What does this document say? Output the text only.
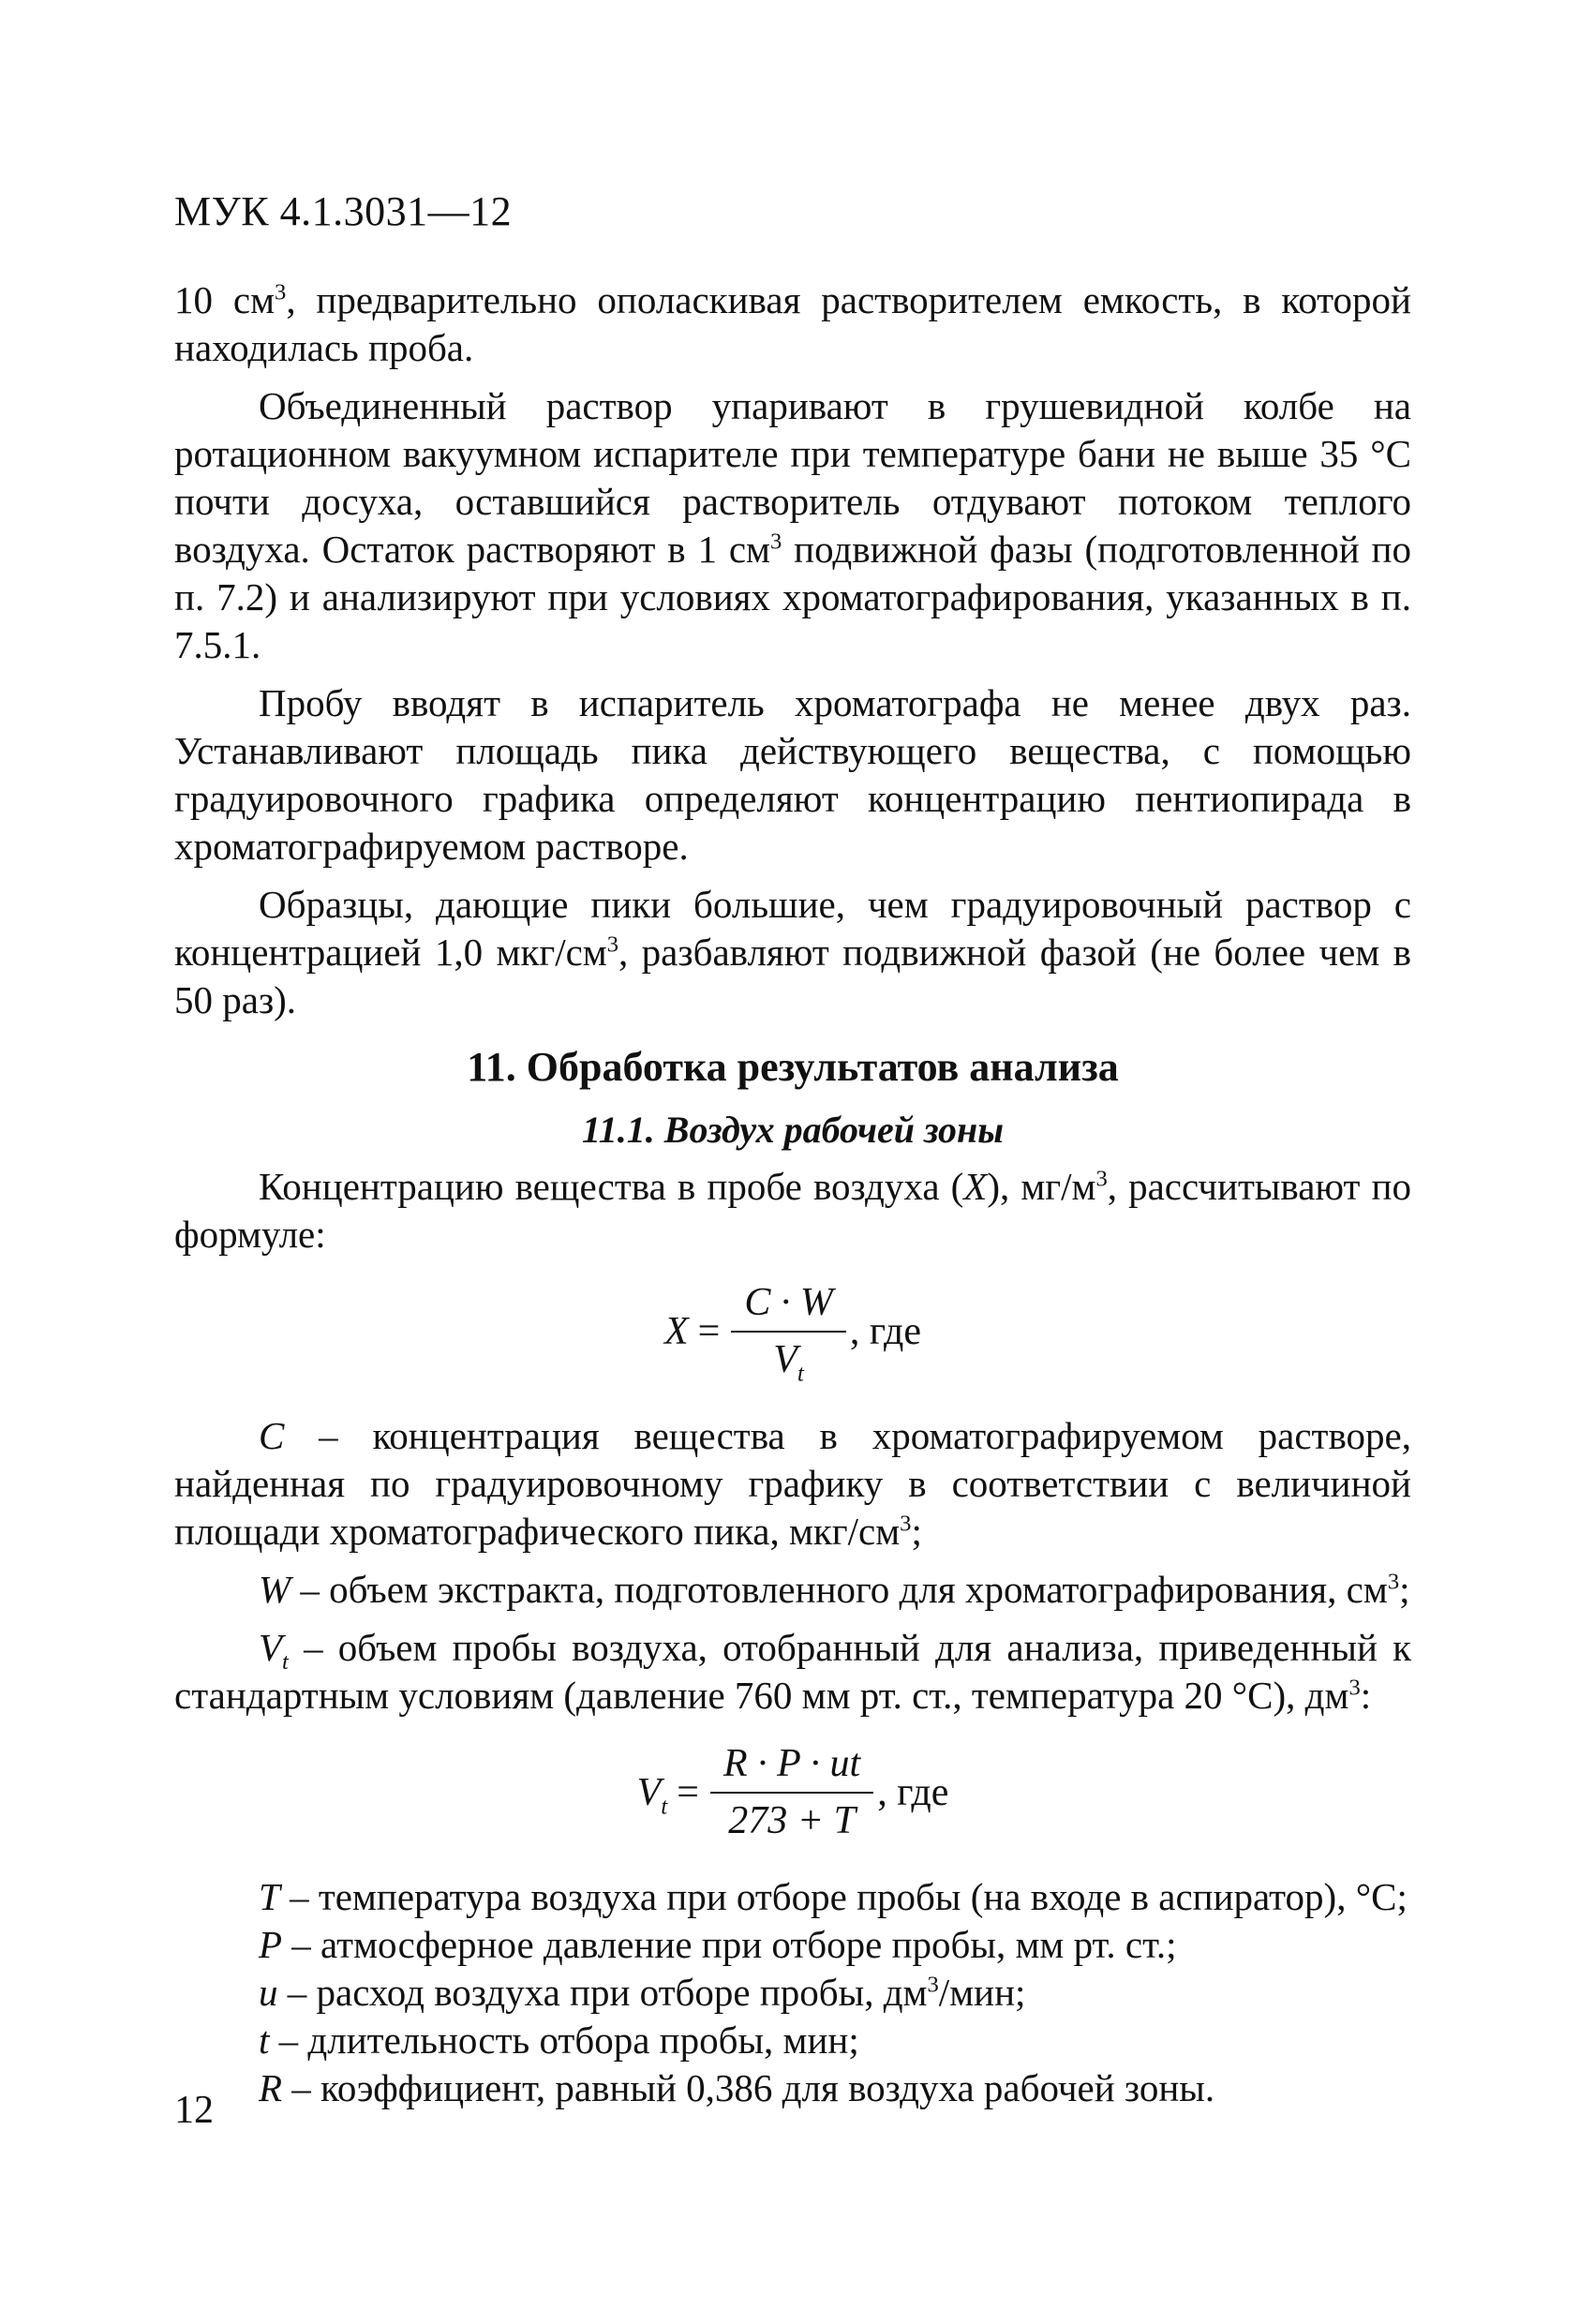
МУК 4.1.3031—12

10 $см^3$, предварительно ополаскивая растворителем емкость, в которой находилась проба.

Объединенный раствор упаривают в грушевидной колбе на ротационном вакуумном испарителе при температуре бани не выше 35 °С почти досуха, оставшийся растворитель отдувают потоком теплого воздуха. Остаток растворяют в 1 $см^3$ подвижной фазы (подготовленной по п. 7.2) и анализируют при условиях хроматографирования, указанных в п. 7.5.1.

Пробу вводят в испаритель хроматографа не менее двух раз. Устанавливают площадь пика действующего вещества, с помощью градуировочного графика определяют концентрацию пентиопирада в хроматографируемом растворе.

Образцы, дающие пики большие, чем градуировочный раствор с концентрацией 1,0 мкг/$см^3$, разбавляют подвижной фазой (не более чем в 50 раз).

11. Обработка результатов анализа
11.1. Воздух рабочей зоны

Концентрацию вещества в пробе воздуха (X), $мг/м^3$, рассчитывают по формуле:

$X = \frac{C \cdot W}{V_t}$ , где

C – концентрация вещества в хроматографируемом растворе, найденная по градуировочному графику в соответствии с величиной площади хроматографического пика, мкг/$см^3$;

W – объем экстракта, подготовленного для хроматографирования, $см^3$;

$V_t$ – объем пробы воздуха, отобранный для анализа, приведенный к стандартным условиям (давление 760 мм рт. ст., температура 20 °С), $дм^3$:

$V_t = \frac{R \cdot P \cdot ut}{273 + T}$ , где

T – температура воздуха при отборе пробы (на входе в аспиратор), °С;

P – атмосферное давление при отборе пробы, мм рт. ст.;

u – расход воздуха при отборе пробы, $дм^3$/мин;

t – длительность отбора пробы, мин;

R – коэффициент, равный 0,386 для воздуха рабочей зоны.

12
